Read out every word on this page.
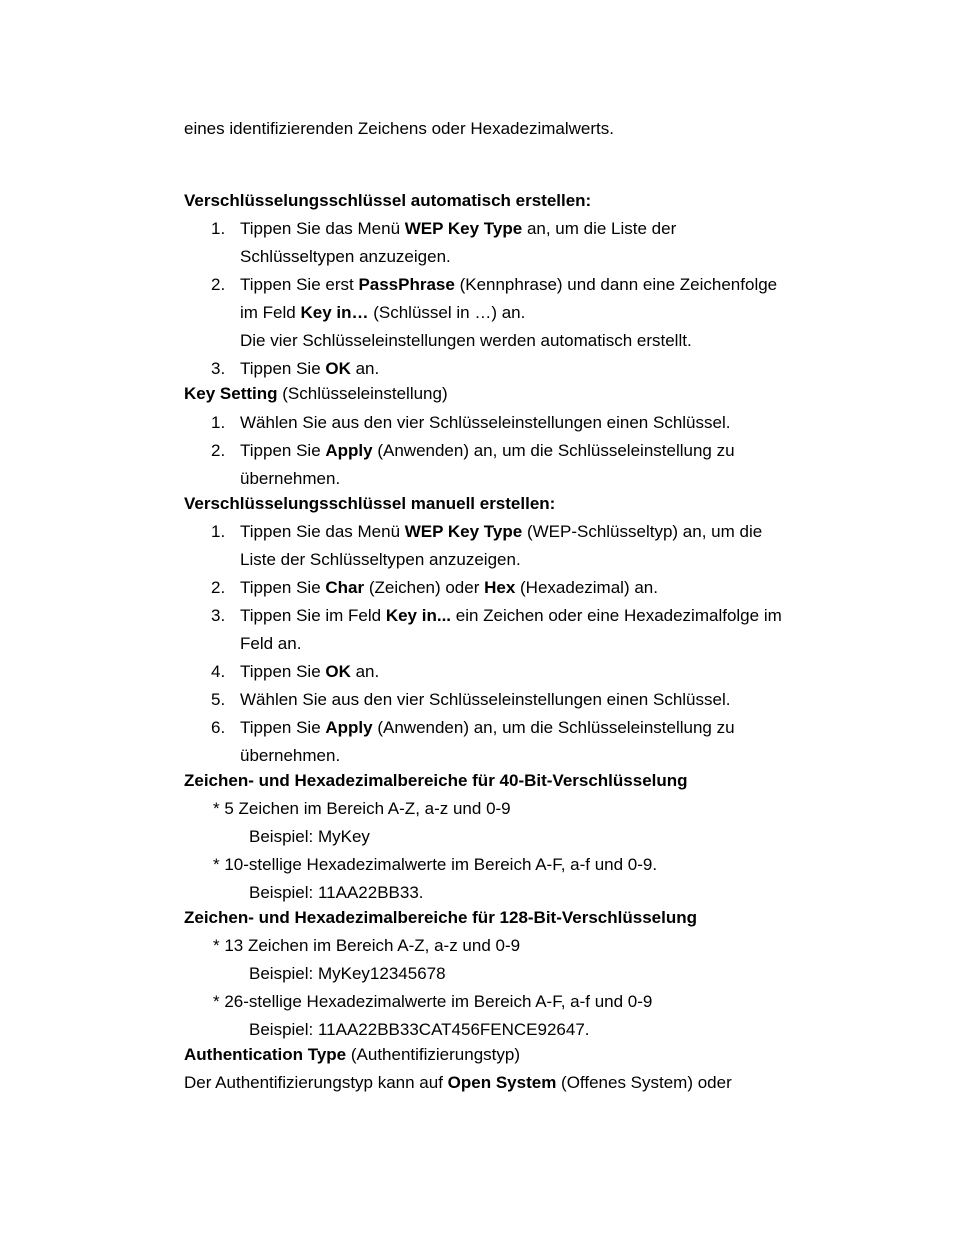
eines identifizierenden Zeichens oder Hexadezimalwerts.
Verschlüsselungsschlüssel automatisch erstellen:
1. Tippen Sie das Menü WEP Key Type an, um die Liste der
Schlüsseltypen anzuzeigen.
2. Tippen Sie erst PassPhrase (Kennphrase) und dann eine Zeichenfolge
im Feld Key in… (Schlüssel in …) an.
Die vier Schlüsseleinstellungen werden automatisch erstellt.
3. Tippen Sie OK an.
Key Setting (Schlüsseleinstellung)
1. Wählen Sie aus den vier Schlüsseleinstellungen einen Schlüssel.
2. Tippen Sie Apply (Anwenden) an, um die Schlüsseleinstellung zu
übernehmen.
Verschlüsselungsschlüssel manuell erstellen:
1. Tippen Sie das Menü WEP Key Type (WEP-Schlüsseltyp) an, um die
Liste der Schlüsseltypen anzuzeigen.
2. Tippen Sie Char (Zeichen) oder Hex (Hexadezimal) an.
3. Tippen Sie im Feld Key in... ein Zeichen oder eine Hexadezimalfolge im
Feld an.
4. Tippen Sie OK an.
5. Wählen Sie aus den vier Schlüsseleinstellungen einen Schlüssel.
6. Tippen Sie Apply (Anwenden) an, um die Schlüsseleinstellung zu
übernehmen.
Zeichen- und Hexadezimalbereiche für 40-Bit-Verschlüsselung
* 5 Zeichen im Bereich A-Z, a-z und 0-9
Beispiel: MyKey
* 10-stellige Hexadezimalwerte im Bereich A-F, a-f und 0-9.
Beispiel: 11AA22BB33.
Zeichen- und Hexadezimalbereiche für 128-Bit-Verschlüsselung
* 13 Zeichen im Bereich A-Z, a-z und 0-9
Beispiel: MyKey12345678
* 26-stellige Hexadezimalwerte im Bereich A-F, a-f und 0-9
Beispiel: 11AA22BB33CAT456FENCE92647.
Authentication Type (Authentifizierungstyp)
Der Authentifizierungstyp kann auf Open System (Offenes System) oder
